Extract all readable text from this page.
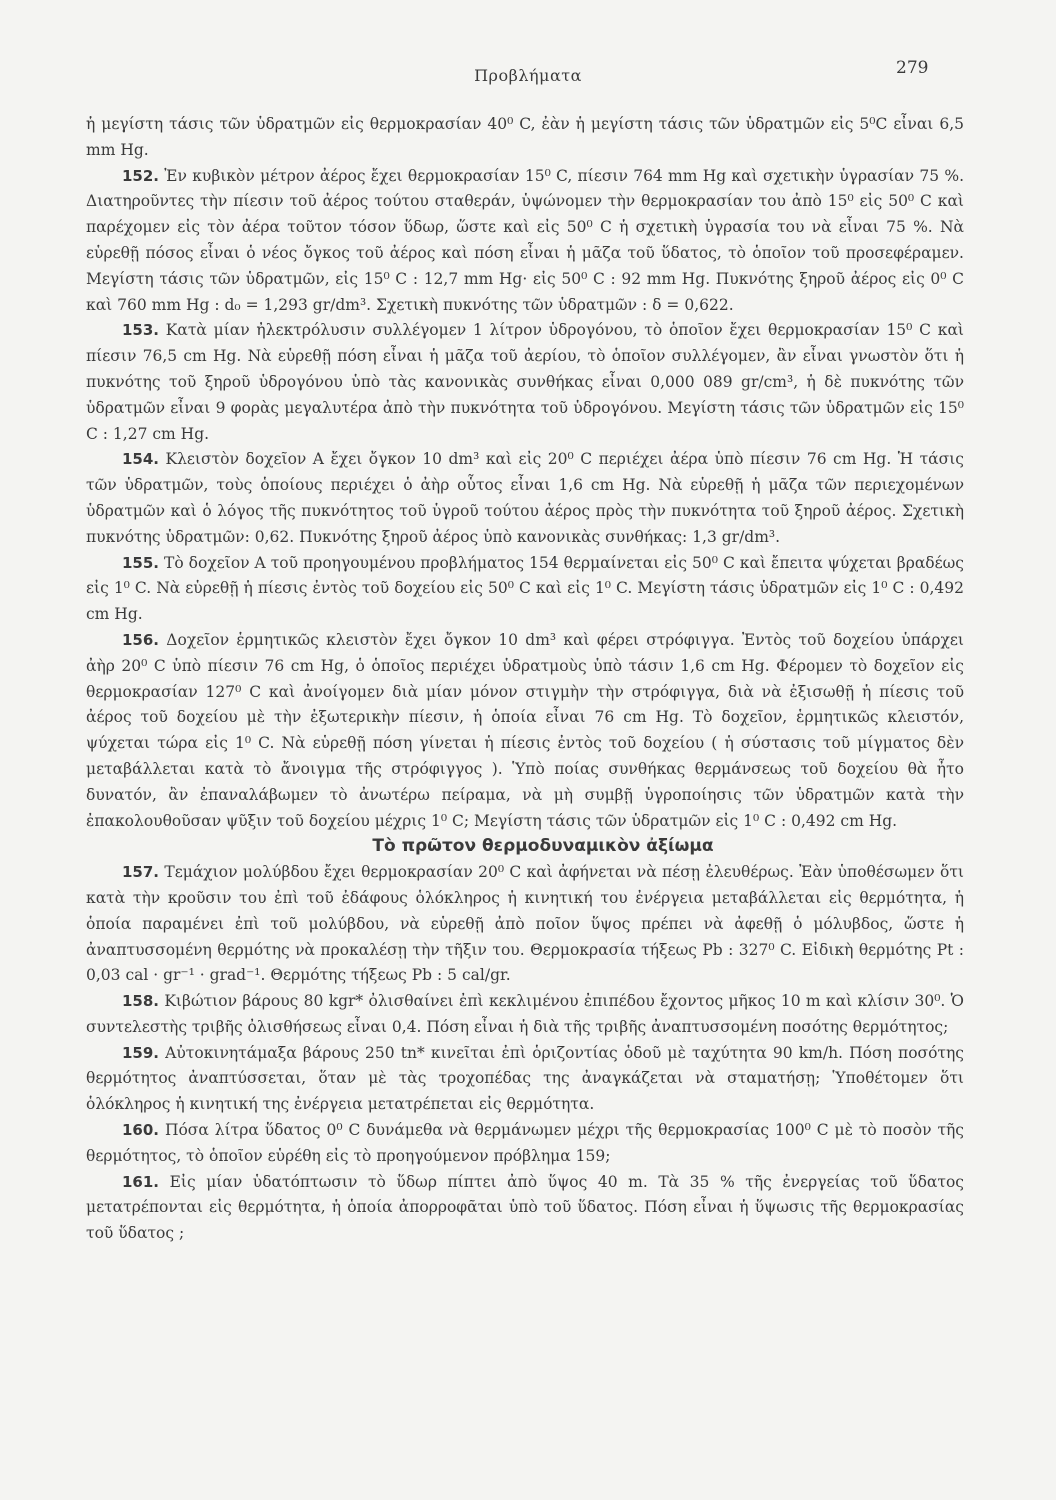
Προβλήματα	279

ἡ μεγίστη τάσις τῶν ὑδρατμῶν εἰς θερμοκρασίαν 40⁰ C, ἐὰν ἡ μεγίστη τάσις τῶν ὑδρατμῶν εἰς 5⁰C εἶναι 6,5 mm Hg.

152. Ἐν κυβικὸν μέτρον ἀέρος ἔχει θερμοκρασίαν 15⁰ C, πίεσιν 764 mm Hg καὶ σχετικὴν ὑγρασίαν 75 %. Διατηροῦντες τὴν πίεσιν τοῦ ἀέρος τούτου σταθεράν, ὑψώνομεν τὴν θερμοκρασίαν του ἀπὸ 15⁰ εἰς 50⁰ C καὶ παρέχομεν εἰς τὸν ἀέρα τοῦτον τόσον ὕδωρ, ὥστε καὶ εἰς 50⁰ C ἡ σχετικὴ ὑγρασία του νὰ εἶναι 75 %. Νὰ εὑρεθῇ πόσος εἶναι ὁ νέος ὄγκος τοῦ ἀέρος καὶ πόση εἶναι ἡ μᾶζα τοῦ ὕδατος, τὸ ὁποῖον τοῦ προσεφέραμεν. Μεγίστη τάσις τῶν ὑδρατμῶν, εἰς 15⁰ C : 12,7 mm Hg· εἰς 50⁰ C : 92 mm Hg. Πυκνότης ξηροῦ ἀέρος εἰς 0⁰ C καὶ 760 mm Hg : d₀ = 1,293 gr/dm³. Σχετικὴ πυκνότης τῶν ὑδρατμῶν : δ = 0,622.

153. Κατὰ μίαν ἠλεκτρόλυσιν συλλέγομεν 1 λίτρον ὑδρογόνου, τὸ ὁποῖον ἔχει θερμοκρασίαν 15⁰ C καὶ πίεσιν 76,5 cm Hg. Νὰ εὑρεθῇ πόση εἶναι ἡ μᾶζα τοῦ ἀερίου, τὸ ὁποῖον συλλέγομεν, ἂν εἶναι γνωστὸν ὅτι ἡ πυκνότης τοῦ ξηροῦ ὑδρογόνου ὑπὸ τὰς κανονικὰς συνθήκας εἶναι 0,000 089 gr/cm³, ἡ δὲ πυκνότης τῶν ὑδρατμῶν εἶναι 9 φορὰς μεγαλυτέρα ἀπὸ τὴν πυκνότητα τοῦ ὑδρογόνου. Μεγίστη τάσις τῶν ὑδρατμῶν εἰς 15⁰ C : 1,27 cm Hg.

154. Κλειστὸν δοχεῖον Α ἔχει ὄγκον 10 dm³ καὶ εἰς 20⁰ C περιέχει ἀέρα ὑπὸ πίεσιν 76 cm Hg. Ἡ τάσις τῶν ὑδρατμῶν, τοὺς ὁποίους περιέχει ὁ ἀὴρ οὗτος εἶναι 1,6 cm Hg. Νὰ εὑρεθῇ ἡ μᾶζα τῶν περιεχομένων ὑδρατμῶν καὶ ὁ λόγος τῆς πυκνότητος τοῦ ὑγροῦ τούτου ἀέρος πρὸς τὴν πυκνότητα τοῦ ξηροῦ ἀέρος. Σχετικὴ πυκνότης ὑδρατμῶν: 0,62. Πυκνότης ξηροῦ ἀέρος ὑπὸ κανονικὰς συνθήκας: 1,3 gr/dm³.

155. Τὸ δοχεῖον Α τοῦ προηγουμένου προβλήματος 154 θερμαίνεται εἰς 50⁰ C καὶ ἔπειτα ψύχεται βραδέως εἰς 1⁰ C. Νὰ εὑρεθῇ ἡ πίεσις ἐντὸς τοῦ δοχείου εἰς 50⁰ C καὶ εἰς 1⁰ C. Μεγίστη τάσις ὑδρατμῶν εἰς 1⁰ C : 0,492 cm Hg.

156. Δοχεῖον ἑρμητικῶς κλειστὸν ἔχει ὄγκον 10 dm³ καὶ φέρει στρόφιγγα. Ἐντὸς τοῦ δοχείου ὑπάρχει ἀὴρ 20⁰ C ὑπὸ πίεσιν 76 cm Hg, ὁ ὁποῖος περιέχει ὑδρατμοὺς ὑπὸ τάσιν 1,6 cm Hg. Φέρομεν τὸ δοχεῖον εἰς θερμοκρασίαν 127⁰ C καὶ ἀνοίγομεν διὰ μίαν μόνον στιγμὴν τὴν στρόφιγγα, διὰ νὰ ἐξισωθῇ ἡ πίεσις τοῦ ἀέρος τοῦ δοχείου μὲ τὴν ἐξωτερικὴν πίεσιν, ἡ ὁποία εἶναι 76 cm Hg. Τὸ δοχεῖον, ἑρμητικῶς κλειστόν, ψύχεται τώρα εἰς 1⁰ C. Νὰ εὑρεθῇ πόση γίνεται ἡ πίεσις ἐντὸς τοῦ δοχείου ( ἡ σύστασις τοῦ μίγματος δὲν μεταβάλλεται κατὰ τὸ ἄνοιγμα τῆς στρόφιγγος ). Ὑπὸ ποίας συνθήκας θερμάνσεως τοῦ δοχείου θὰ ἦτο δυνατόν, ἂν ἐπαναλάβωμεν τὸ ἀνωτέρω πείραμα, νὰ μὴ συμβῇ ὑγροποίησις τῶν ὑδρατμῶν κατὰ τὴν ἐπακολουθοῦσαν ψῦξιν τοῦ δοχείου μέχρις 1⁰ C; Μεγίστη τάσις τῶν ὑδρατμῶν εἰς 1⁰ C : 0,492 cm Hg.

Τὸ πρῶτον θερμοδυναμικὸν ἀξίωμα

157. Τεμάχιον μολύβδου ἔχει θερμοκρασίαν 20⁰ C καὶ ἀφήνεται νὰ πέσῃ ἐλευθέρως. Ἐὰν ὑποθέσωμεν ὅτι κατὰ τὴν κροῦσιν του ἐπὶ τοῦ ἐδάφους ὁλόκληρος ἡ κινητική του ἐνέργεια μεταβάλλεται εἰς θερμότητα, ἡ ὁποία παραμένει ἐπὶ τοῦ μολύβδου, νὰ εὑρεθῇ ἀπὸ ποῖον ὕψος πρέπει νὰ ἀφεθῇ ὁ μόλυβδος, ὥστε ἡ ἀναπτυσσομένη θερμότης νὰ προκαλέσῃ τὴν τῆξιν του. Θερμοκρασία τήξεως Pb : 327⁰ C. Εἰδικὴ θερμότης Pt : 0,03 cal · gr⁻¹ · grad⁻¹. Θερμότης τήξεως Pb : 5 cal/gr.

158. Κιβώτιον βάρους 80 kgr* ὀλισθαίνει ἐπὶ κεκλιμένου ἐπιπέδου ἔχοντος μῆκος 10 m καὶ κλίσιν 30⁰. Ὁ συντελεστὴς τριβῆς ὀλισθήσεως εἶναι 0,4. Πόση εἶναι ἡ διὰ τῆς τριβῆς ἀναπτυσσομένη ποσότης θερμότητος;

159. Αὐτοκινητάμαξα βάρους 250 tn* κινεῖται ἐπὶ ὁριζοντίας ὁδοῦ μὲ ταχύτητα 90 km/h. Πόση ποσότης θερμότητος ἀναπτύσσεται, ὅταν μὲ τὰς τροχοπέδας της ἀναγκάζεται νὰ σταματήσῃ; Ὑποθέτομεν ὅτι ὁλόκληρος ἡ κινητική της ἐνέργεια μετατρέπεται εἰς θερμότητα.

160. Πόσα λίτρα ὕδατος 0⁰ C δυνάμεθα νὰ θερμάνωμεν μέχρι τῆς θερμοκρασίας 100⁰ C μὲ τὸ ποσὸν τῆς θερμότητος, τὸ ὁποῖον εὑρέθη εἰς τὸ προηγούμενον πρόβλημα 159;

161. Εἰς μίαν ὑδατόπτωσιν τὸ ὕδωρ πίπτει ἀπὸ ὕψος 40 m. Τὰ 35 % τῆς ἐνεργείας τοῦ ὕδατος μετατρέπονται εἰς θερμότητα, ἡ ὁποία ἀπορροφᾶται ὑπὸ τοῦ ὕδατος. Πόση εἶναι ἡ ὕψωσις τῆς θερμοκρασίας τοῦ ὕδατος ;
